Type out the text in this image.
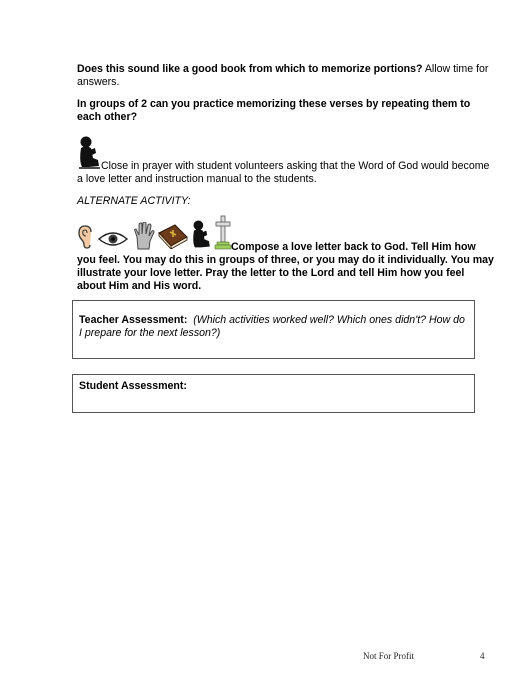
Does this sound like a good book from which to memorize portions? Allow time for answers.
In groups of 2 can you practice memorizing these verses by repeating them to each other?
Close in prayer with student volunteers asking that the Word of God would become a love letter and instruction manual to the students.
ALTERNATE ACTIVITY:
Compose a love letter back to God. Tell Him how you feel. You may do this in groups of three, or you may do it individually. You may illustrate your love letter. Pray the letter to the Lord and tell Him how you feel about Him and His word.
Teacher Assessment: (Which activities worked well? Which ones didn't? How do I prepare for the next lesson?)
Student Assessment:
Not For Profit	4
